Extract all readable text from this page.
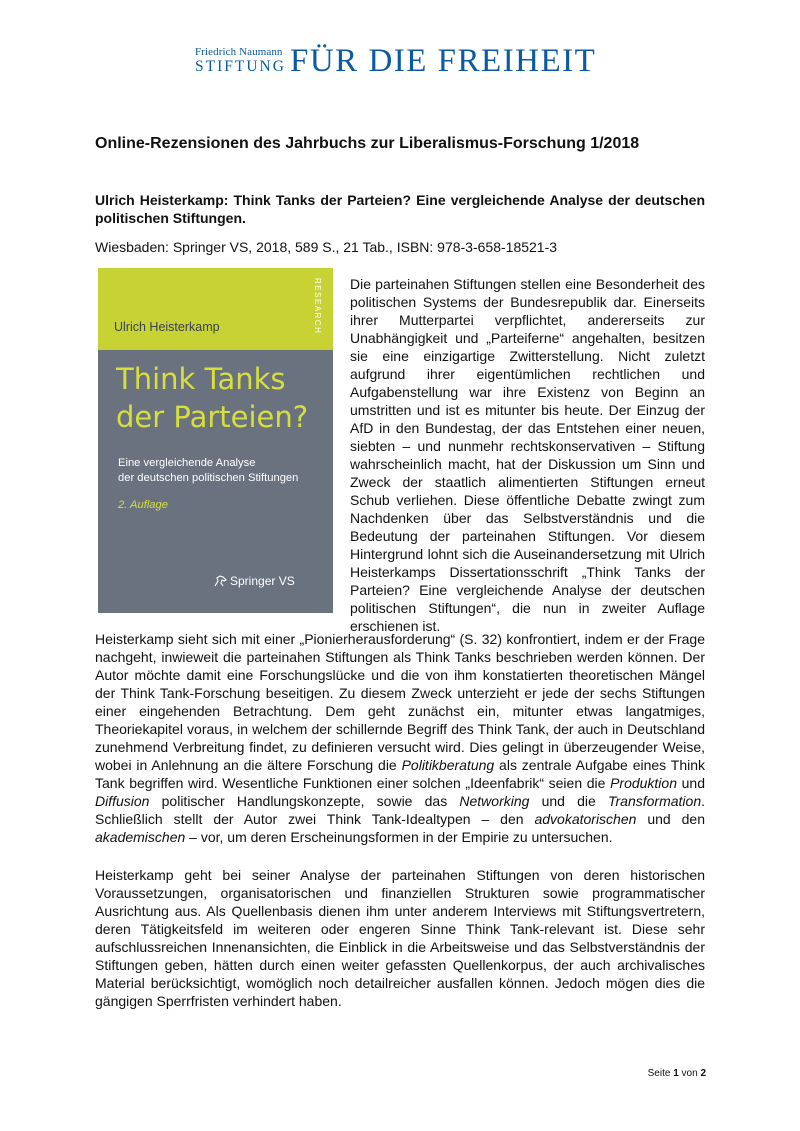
Friedrich Naumann
STIFTUNG FÜR DIE FREIHEIT
Online-Rezensionen des Jahrbuchs zur Liberalismus-Forschung 1/2018
Ulrich Heisterkamp: Think Tanks der Parteien? Eine vergleichende Analyse der deutschen politischen Stiftungen.
Wiesbaden: Springer VS, 2018, 589 S., 21 Tab., ISBN: 978-3-658-18521-3
Ulrich Heisterkamp	RESEARCH
Think Tanks
der Parteien?
Eine vergleichende Analyse
der deutschen politischen Stiftungen
2. Auflage
Springer VS
Die parteinahen Stiftungen stellen eine Besonderheit des politischen Systems der Bundesrepublik dar. Einerseits ihrer Mutterpartei verpflichtet, andererseits zur Unabhängigkeit und „Parteiferne“ angehalten, besitzen sie eine einzigartige Zwitterstellung. Nicht zuletzt aufgrund ihrer eigentümlichen rechtlichen und Aufgabenstellung war ihre Existenz von Beginn an umstritten und ist es mitunter bis heute. Der Einzug der AfD in den Bundestag, der das Entstehen einer neuen, siebten – und nunmehr rechtskonservativen – Stiftung wahrscheinlich macht, hat der Diskussion um Sinn und Zweck der staatlich alimentierten Stiftungen erneut Schub verliehen. Diese öffentliche Debatte zwingt zum Nachdenken über das Selbstverständnis und die Bedeutung der parteinahen Stiftungen. Vor diesem Hintergrund lohnt sich die Auseinandersetzung mit Ulrich Heisterkamps Dissertationsschrift „Think Tanks der Parteien? Eine vergleichende Analyse der deutschen politischen Stiftungen“, die nun in zweiter Auflage erschienen ist.
Heisterkamp sieht sich mit einer „Pionierherausforderung“ (S. 32) konfrontiert, indem er der Frage nachgeht, inwieweit die parteinahen Stiftungen als Think Tanks beschrieben werden können. Der Autor möchte damit eine Forschungslücke und die von ihm konstatierten theoretischen Mängel der Think Tank-Forschung beseitigen. Zu diesem Zweck unterzieht er jede der sechs Stiftungen einer eingehenden Betrachtung. Dem geht zunächst ein, mitunter etwas langatmiges, Theoriekapitel voraus, in welchem der schillernde Begriff des Think Tank, der auch in Deutschland zunehmend Verbreitung findet, zu definieren versucht wird. Dies gelingt in überzeugender Weise, wobei in Anlehnung an die ältere Forschung die Politikberatung als zentrale Aufgabe eines Think Tank begriffen wird. Wesentliche Funktionen einer solchen „Ideenfabrik“ seien die Produktion und Diffusion politischer Handlungskonzepte, sowie das Networking und die Transformation. Schließlich stellt der Autor zwei Think Tank-Idealtypen – den advokatorischen und den akademischen – vor, um deren Erscheinungsformen in der Empirie zu untersuchen.
Heisterkamp geht bei seiner Analyse der parteinahen Stiftungen von deren historischen Voraussetzungen, organisatorischen und finanziellen Strukturen sowie programmatischer Ausrichtung aus. Als Quellenbasis dienen ihm unter anderem Interviews mit Stiftungsvertretern, deren Tätigkeitsfeld im weiteren oder engeren Sinne Think Tank-relevant ist. Diese sehr aufschlussreichen Innenansichten, die Einblick in die Arbeitsweise und das Selbstverständnis der Stiftungen geben, hätten durch einen weiter gefassten Quellenkorpus, der auch archivalisches Material berücksichtigt, womöglich noch detailreicher ausfallen können. Jedoch mögen dies die gängigen Sperrfristen verhindert haben.
Seite 1 von 2
